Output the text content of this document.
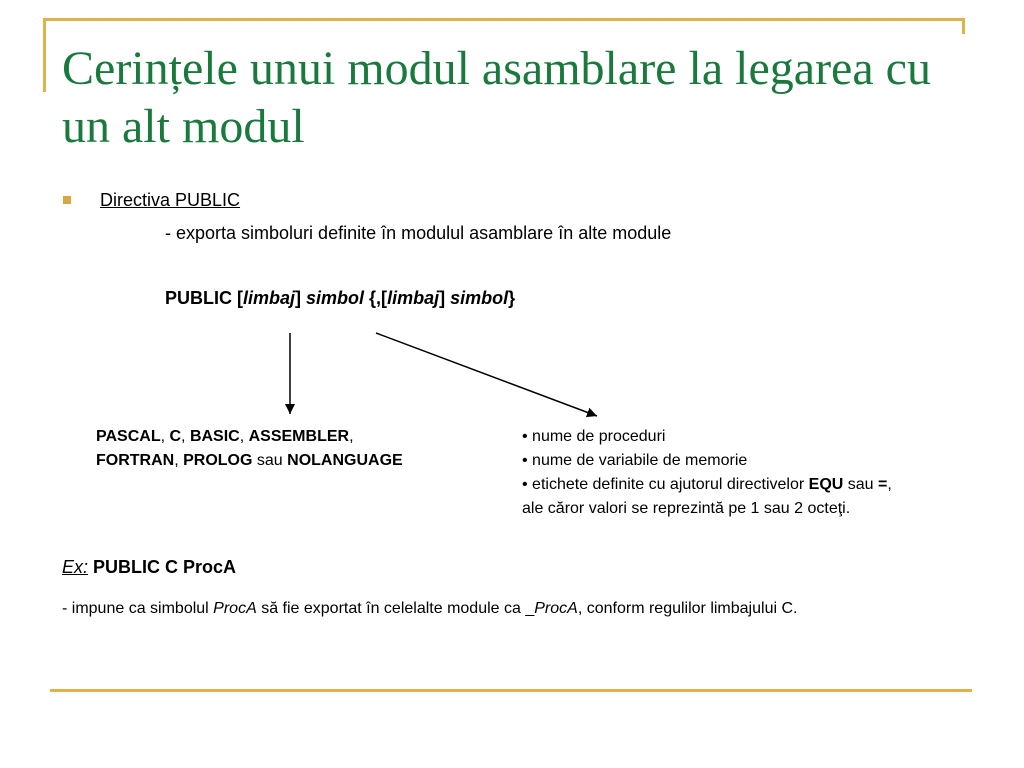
Cerințele unui modul asamblare la legarea cu un alt modul
Directiva PUBLIC
- exporta simboluri definite în modulul asamblare în alte module
PUBLIC [limbaj] simbol {,[limbaj] simbol}
PASCAL, C, BASIC, ASSEMBLER,
FORTRAN, PROLOG sau NOLANGUAGE
• nume de proceduri
• nume de variabile de memorie
• etichete definite cu ajutorul directivelor EQU sau =,
ale căror valori se reprezintă pe 1 sau 2 octeţi.
Ex: PUBLIC C ProcA
- impune ca simbolul ProcA să fie exportat în celelalte module ca _ProcA, conform regulilor limbajului C.
